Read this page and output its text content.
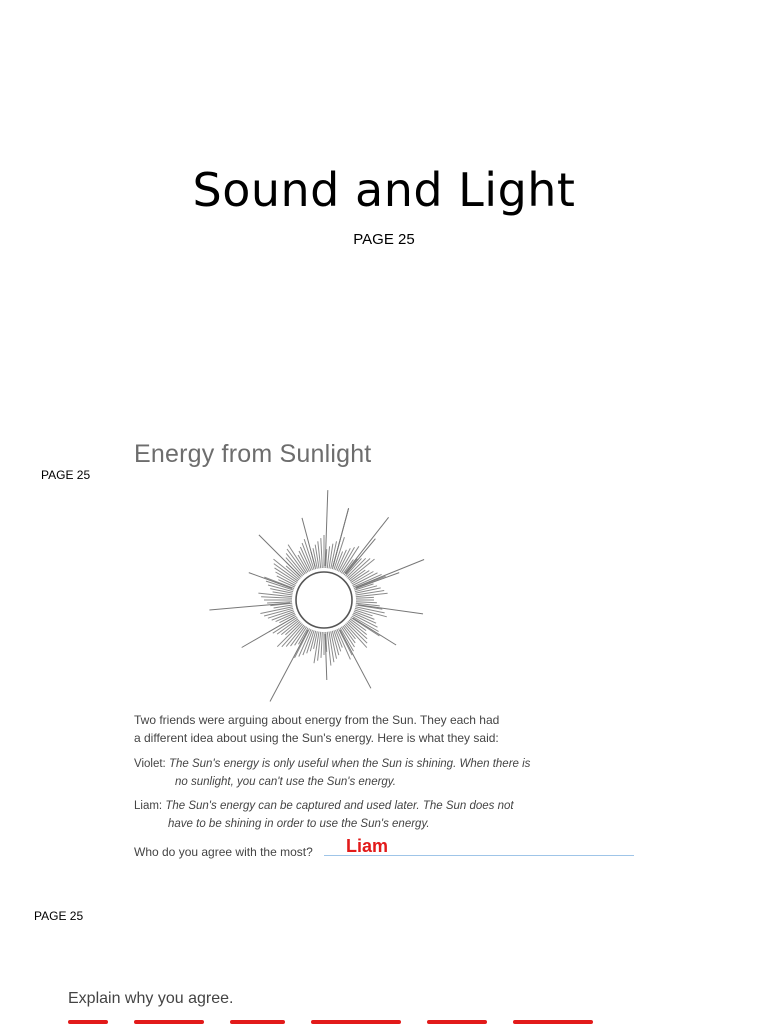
Sound and Light
PAGE 25
PAGE 25
PAGE 25
Energy from Sunlight
Two friends were arguing about energy from the Sun. They each had
a different idea about using the Sun's energy. Here is what they said:
Violet: The Sun's energy is only useful when the Sun is shining. When there is
no sunlight, you can't use the Sun's energy.
Liam: The Sun's energy can be captured and used later. The Sun does not
have to be shining in order to use the Sun's energy.
Who do you agree with the most? Liam
Explain why you agree.
